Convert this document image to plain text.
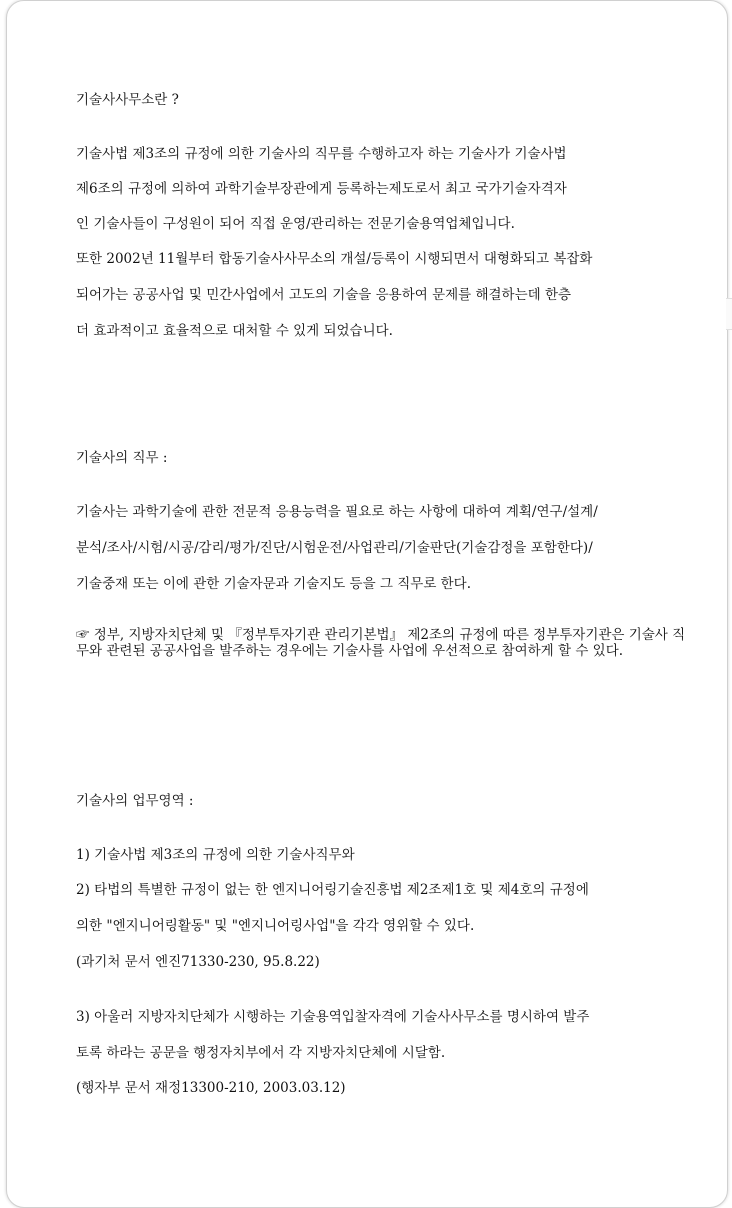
기술사사무소란 ?
기술사법 제3조의 규정에 의한 기술사의 직무를 수행하고자 하는 기술사가 기술사법
제6조의 규정에 의하여 과학기술부장관에게 등록하는제도로서 최고 국가기술자격자
인 기술사들이 구성원이 되어 직접 운영/관리하는 전문기술용역업체입니다.
또한 2002년 11월부터 합동기술사사무소의 개설/등록이 시행되면서 대형화되고 복잡화
되어가는 공공사업 및 민간사업에서 고도의 기술을 응용하여 문제를 해결하는데 한층
더 효과적이고 효율적으로 대처할 수 있게 되었습니다.
기술사의 직무 :
기술사는 과학기술에 관한 전문적 응용능력을 필요로 하는 사항에 대하여 계획/연구/설계/
분석/조사/시험/시공/감리/평가/진단/시험운전/사업관리/기술판단(기술감정을 포함한다)/
기술중재 또는 이에 관한 기술자문과 기술지도 등을 그 직무로 한다.
☞ 정부, 지방자치단체 및 『정부투자기관 관리기본법』 제2조의 규정에 따른 정부투자기관은 기술사 직무와 관련된 공공사업을 발주하는 경우에는 기술사를 사업에 우선적으로 참여하게 할 수 있다.
기술사의 업무영역 :
1) 기술사법 제3조의 규정에 의한 기술사직무와
2) 타법의 특별한 규정이 없는 한 엔지니어링기술진흥법 제2조제1호 및 제4호의 규정에
의한 "엔지니어링활동" 및 "엔지니어링사업"을 각각 영위할 수 있다.
(과기처 문서 엔진71330-230, 95.8.22)
3) 아울러 지방자치단체가 시행하는 기술용역입찰자격에 기술사사무소를 명시하여 발주
토록 하라는 공문을 행정자치부에서 각 지방자치단체에 시달함.
(행자부 문서 재정13300-210, 2003.03.12)
